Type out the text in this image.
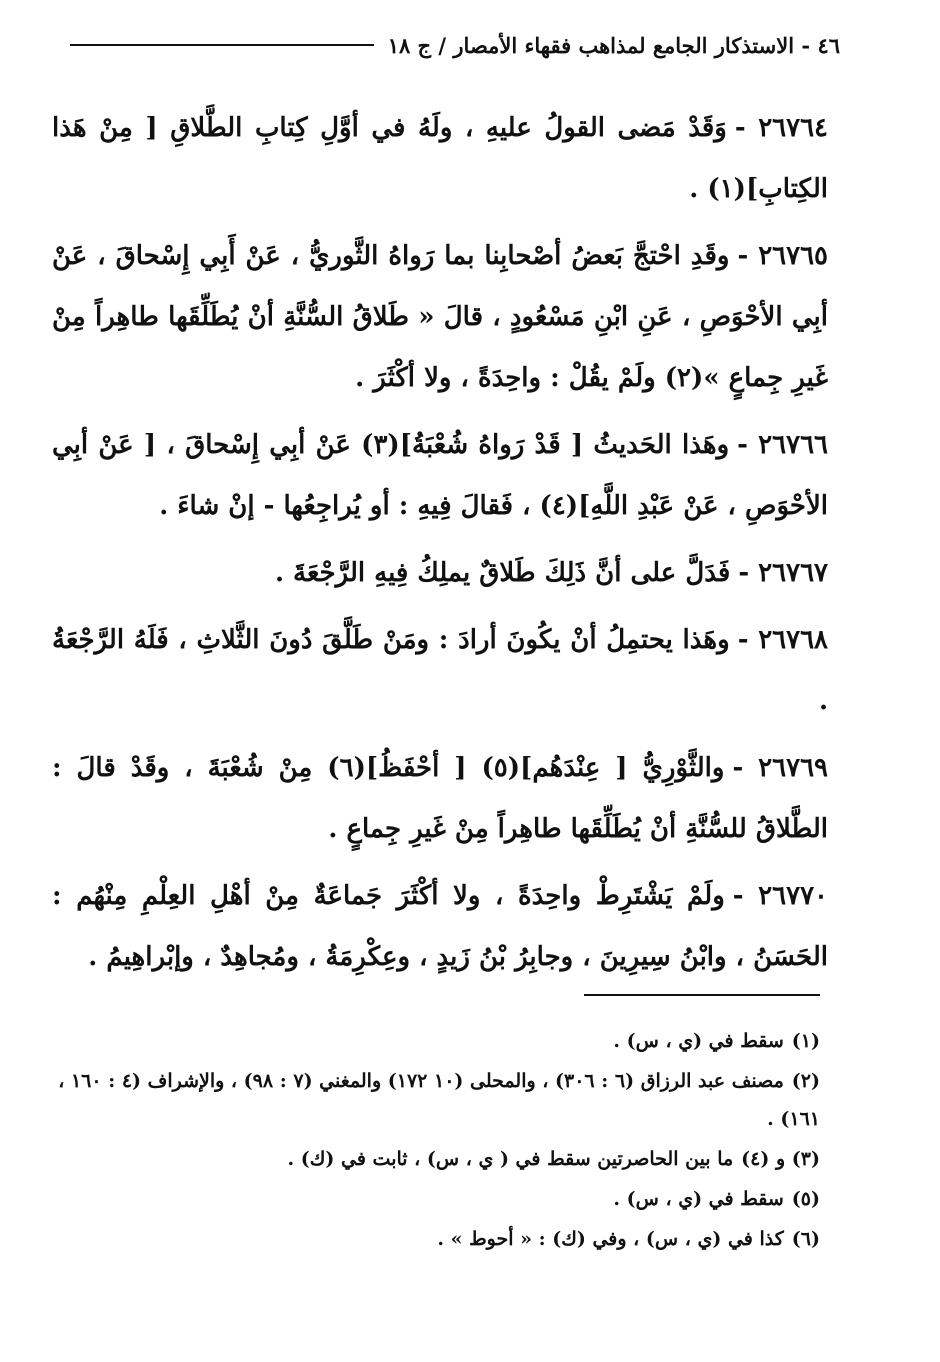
٤٦ - الاستذكار الجامع لمذاهب فقهاء الأمصار / ج ١٨

٢٦٧٦٤ -وَقَدْ مَضى القولُ عليهِ ، ولَهُ في أوَّلِ كِتابِ الطَّلاقِ [ مِنْ هَذا الكِتابِ](١) .

٢٦٧٦٥ -وقَدِ احْتجَّ بَعضُ أصْحابِنا بما رَواهُ الثَّوريُّ ، عَنْ أَبِي إِسْحاقَ ، عَنْ أبِي الأحْوَصِ ، عَنِ ابْنِ مَسْعُودٍ ، قالَ « طَلاقُ السُّنَّةِ أنْ يُطَلِّقَها طاهِراً مِنْ غَيرِ جِماعٍ »(٢) ولَمْ يقُلْ : واحِدَةً ، ولا أكْثَرَ .

٢٦٧٦٦ -وهَذا الحَديثُ [ قَدْ رَواهُ شُعْبَةُ](٣) عَنْ أبِي إِسْحاقَ ، [ عَنْ أبِي الأحْوَصِ ، عَنْ عَبْدِ اللَّهِ](٤) ، فَقالَ فِيهِ : أو يُراجِعُها - إنْ شاءَ .

٢٦٧٦٧ -فَدَلَّ على أنَّ ذَلِكَ طَلاقٌ يملِكُ فِيهِ الرَّجْعَةَ .

٢٦٧٦٨ -وهَذا يحتمِلُ أنْ يكُونَ أرادَ : ومَنْ طَلَّقَ دُونَ الثَّلاثِ ، فَلَهُ الرَّجْعَةُ .

٢٦٧٦٩ -والثَّوْرِيُّ [ عِنْدَهُم](٥) [ أحْفَظُ](٦) مِنْ شُعْبَةَ ، وقَدْ قالَ : الطَّلاقُ للسُّنَّةِ أنْ يُطَلِّقَها طاهِراً مِنْ غَيرِ جِماعٍ .

٢٦٧٧٠ -ولَمْ يَشْتَرِطْ واحِدَةً ، ولا أكْثَرَ جَماعَةٌ مِنْ أهْلِ العِلْمِ مِنْهُم : الحَسَنُ ، وابْنُ سِيرِينَ ، وجابِرُ بْنُ زَيدٍ ، وعِكْرِمَةُ ، ومُجاهِدٌ ، وإبْراهِيمُ .

(١)سقط في (ي ، س) .

(٢)مصنف عبد الرزاق (٦ : ٣٠٦) ، والمحلى (١٠ ١٧٢) والمغني (٧ : ٩٨) ، والإشراف (٤ : ١٦٠ ، ١٦١) .

(٣) و (٤)ما بين الحاصرتين سقط في ( ي ، س) ، ثابت في (ك) .

(٥)سقط في (ي ، س) .

(٦)كذا في (ي ، س) ، وفي (ك) : « أحوط » .
